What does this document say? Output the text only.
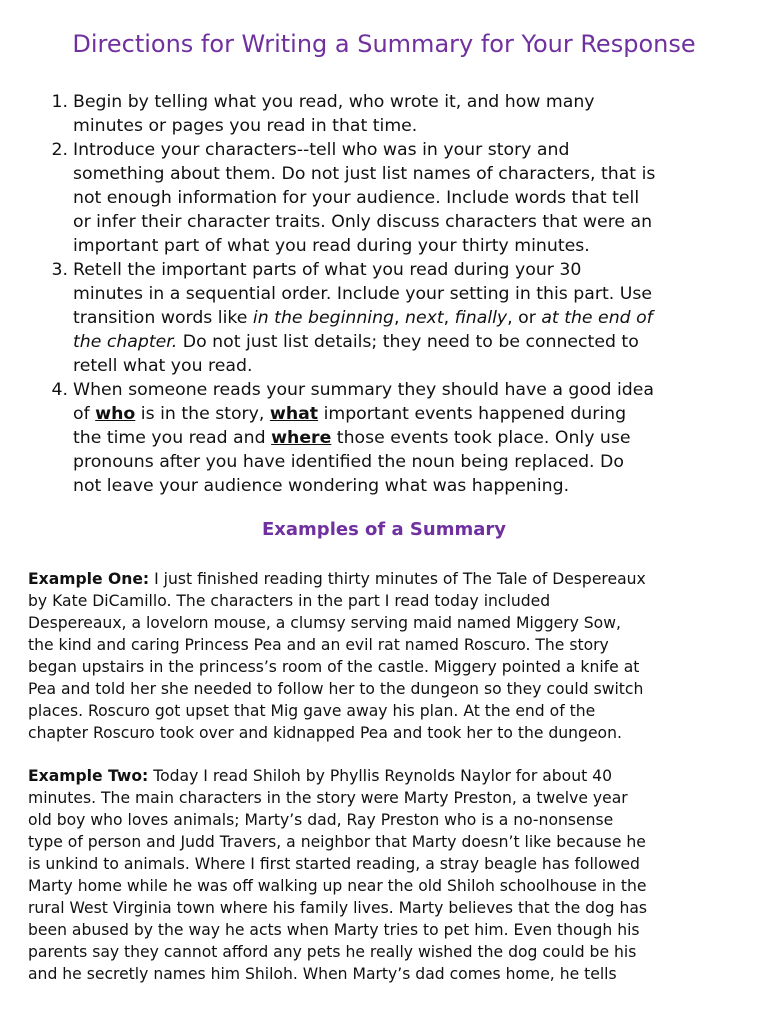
Directions for Writing a Summary for Your Response
1. Begin by telling what you read, who wrote it, and how many
minutes or pages you read in that time.
2. Introduce your characters--tell who was in your story and
something about them. Do not just list names of characters, that is
not enough information for your audience. Include words that tell
or infer their character traits. Only discuss characters that were an
important part of what you read during your thirty minutes.
3. Retell the important parts of what you read during your 30
minutes in a sequential order. Include your setting in this part. Use
transition words like in the beginning, next, finally, or at the end of
the chapter. Do not just list details; they need to be connected to
retell what you read.
4. When someone reads your summary they should have a good idea
of who is in the story, what important events happened during
the time you read and where those events took place. Only use
pronouns after you have identified the noun being replaced. Do
not leave your audience wondering what was happening.
Examples of a Summary
Example One: I just finished reading thirty minutes of The Tale of Despereaux
by Kate DiCamillo. The characters in the part I read today included
Despereaux, a lovelorn mouse, a clumsy serving maid named Miggery Sow,
the kind and caring Princess Pea and an evil rat named Roscuro. The story
began upstairs in the princess’s room of the castle. Miggery pointed a knife at
Pea and told her she needed to follow her to the dungeon so they could switch
places. Roscuro got upset that Mig gave away his plan. At the end of the
chapter Roscuro took over and kidnapped Pea and took her to the dungeon.
Example Two: Today I read Shiloh by Phyllis Reynolds Naylor for about 40
minutes. The main characters in the story were Marty Preston, a twelve year
old boy who loves animals; Marty’s dad, Ray Preston who is a no-nonsense
type of person and Judd Travers, a neighbor that Marty doesn’t like because he
is unkind to animals. Where I first started reading, a stray beagle has followed
Marty home while he was off walking up near the old Shiloh schoolhouse in the
rural West Virginia town where his family lives. Marty believes that the dog has
been abused by the way he acts when Marty tries to pet him. Even though his
parents say they cannot afford any pets he really wished the dog could be his
and he secretly names him Shiloh. When Marty’s dad comes home, he tells
